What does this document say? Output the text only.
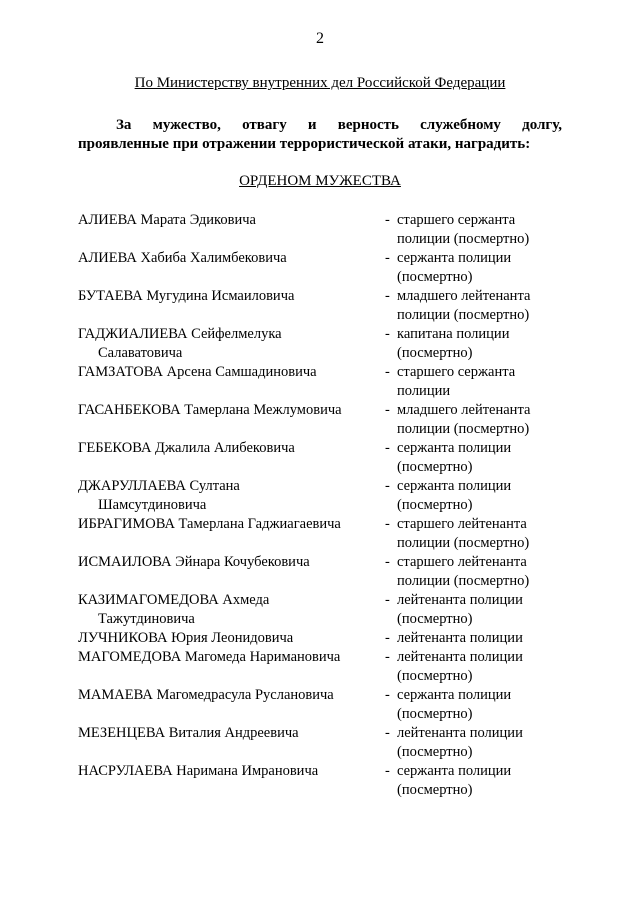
2
По Министерству внутренних дел Российской Федерации
За мужество, отвагу и верность служебному долгу,
проявленные при отражении террористической атаки, наградить:
ОРДЕНОМ МУЖЕСТВА
АЛИЕВА Марата Эдиковича	- старшего сержанта
полиции (посмертно)
АЛИЕВА Хабиба Халимбековича	- сержанта полиции
(посмертно)
БУТАЕВА Мугудина Исмаиловича	- младшего лейтенанта
полиции (посмертно)
ГАДЖИАЛИЕВА Сейфелмелука
Салаватовича
- капитана полиции
(посмертно)
ГАМЗАТОВА Арсена Самшадиновича	- старшего сержанта
полиции
ГАСАНБЕКОВА Тамерлана Межлумовича	- младшего лейтенанта
полиции (посмертно)
ГЕБЕКОВА Джалила Алибековича	- сержанта полиции
(посмертно)
ДЖАРУЛЛАЕВА Султана
Шамсутдиновича
- сержанта полиции
(посмертно)
ИБРАГИМОВА Тамерлана Гаджиагаевича	- старшего лейтенанта
полиции (посмертно)
ИСМАИЛОВА Эйнара Кочубековича	- старшего лейтенанта
полиции (посмертно)
КАЗИМАГОМЕДОВА Ахмеда
Тажутдиновича
- лейтенанта полиции
(посмертно)
ЛУЧНИКОВА Юрия Леонидовича	- лейтенанта полиции
МАГОМЕДОВА Магомеда Наримановича	- лейтенанта полиции
(посмертно)
МАМАЕВА Магомедрасула Руслановича	- сержанта полиции
(посмертно)
МЕЗЕНЦЕВА Виталия Андреевича	- лейтенанта полиции
(посмертно)
НАСРУЛАЕВА Наримана Имрановича	- сержанта полиции
(посмертно)
